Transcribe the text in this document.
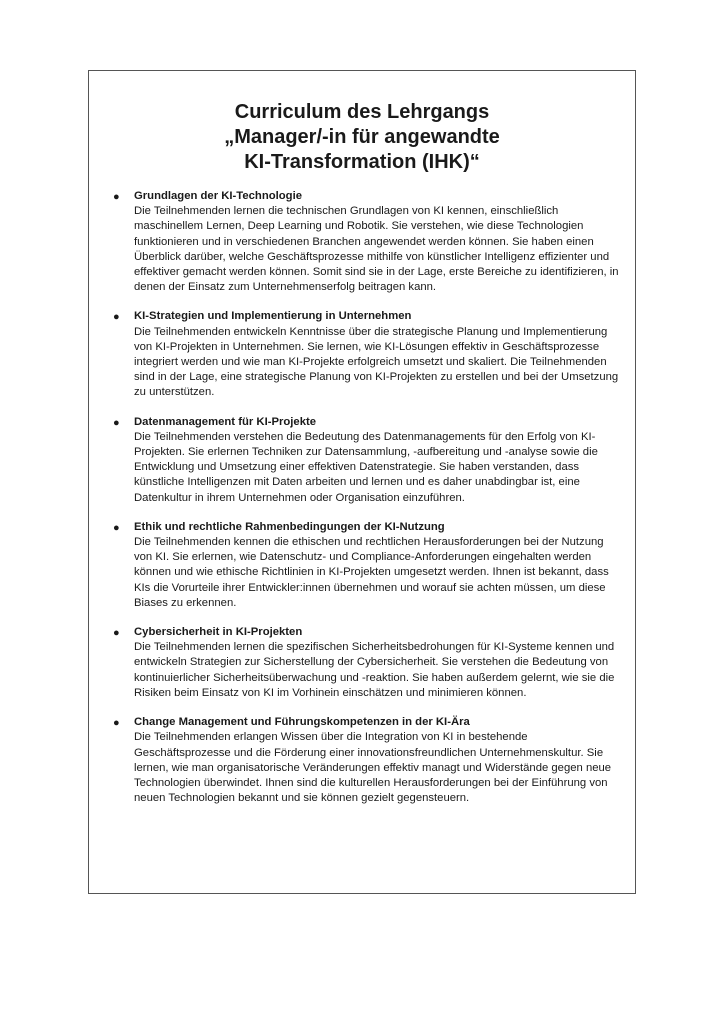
Curriculum des Lehrgangs
„Manager/-in für angewandte
KI-Transformation (IHK)“
● Grundlagen der KI-Technologie
Die Teilnehmenden lernen die technischen Grundlagen von KI kennen, einschließlich maschinellem Lernen, Deep Learning und Robotik. Sie verstehen, wie diese Technologien funktionieren und in verschiedenen Branchen angewendet werden können. Sie haben einen Überblick darüber, welche Geschäftsprozesse mithilfe von künstlicher Intelligenz effizienter und effektiver gemacht werden können. Somit sind sie in der Lage, erste Bereiche zu identifizieren, in denen der Einsatz zum Unternehmenserfolg beitragen kann.
● KI-Strategien und Implementierung in Unternehmen
Die Teilnehmenden entwickeln Kenntnisse über die strategische Planung und Implementierung von KI-Projekten in Unternehmen. Sie lernen, wie KI-Lösungen effektiv in Geschäftsprozesse integriert werden und wie man KI-Projekte erfolgreich umsetzt und skaliert. Die Teilnehmenden sind in der Lage, eine strategische Planung von KI-Projekten zu erstellen und bei der Umsetzung zu unterstützen.
● Datenmanagement für KI-Projekte
Die Teilnehmenden verstehen die Bedeutung des Datenmanagements für den Erfolg von KI-Projekten. Sie erlernen Techniken zur Datensammlung, -aufbereitung und -analyse sowie die Entwicklung und Umsetzung einer effektiven Datenstrategie. Sie haben verstanden, dass künstliche Intelligenzen mit Daten arbeiten und lernen und es daher unabdingbar ist, eine Datenkultur in ihrem Unternehmen oder Organisation einzuführen.
● Ethik und rechtliche Rahmenbedingungen der KI-Nutzung
Die Teilnehmenden kennen die ethischen und rechtlichen Herausforderungen bei der Nutzung von KI. Sie erlernen, wie Datenschutz- und Compliance-Anforderungen eingehalten werden können und wie ethische Richtlinien in KI-Projekten umgesetzt werden. Ihnen ist bekannt, dass KIs die Vorurteile ihrer Entwickler:innen übernehmen und worauf sie achten müssen, um diese Biases zu erkennen.
● Cybersicherheit in KI-Projekten
Die Teilnehmenden lernen die spezifischen Sicherheitsbedrohungen für KI-Systeme kennen und entwickeln Strategien zur Sicherstellung der Cybersicherheit. Sie verstehen die Bedeutung von kontinuierlicher Sicherheitsüberwachung und -reaktion. Sie haben außerdem gelernt, wie sie die Risiken beim Einsatz von KI im Vorhinein einschätzen und minimieren können.
● Change Management und Führungskompetenzen in der KI-Ära
Die Teilnehmenden erlangen Wissen über die Integration von KI in bestehende Geschäftsprozesse und die Förderung einer innovationsfreundlichen Unternehmenskultur. Sie lernen, wie man organisatorische Veränderungen effektiv managt und Widerstände gegen neue Technologien überwindet. Ihnen sind die kulturellen Herausforderungen bei der Einführung von neuen Technologien bekannt und sie können gezielt gegensteuern.
